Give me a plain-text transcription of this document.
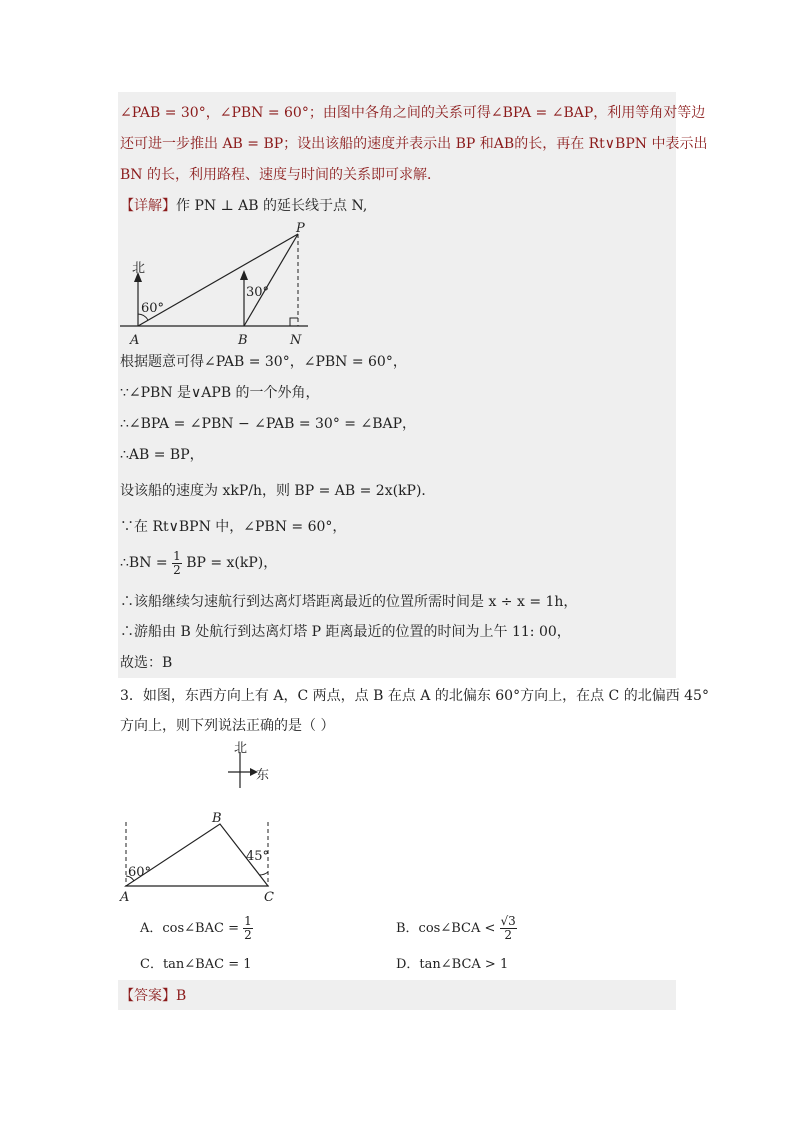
∠PAB = 30°，∠PBN = 60°；由图中各角之间的关系可得∠BPA = ∠BAP，利用等角对等边
还可进一步推出 AB = BP；设出该船的速度并表示出 BP 和AB的长，再在 Rt∨BPN 中表示出
BN 的长，利用路程、速度与时间的关系即可求解．
【详解】作 PN ⊥ AB 的延长线于点 N,
北
60°
30°
A	B	N
P
根据题意可得∠PAB = 30°，∠PBN = 60°，
∵∠PBN 是∨APB 的一个外角，
∴∠BPA = ∠PBN − ∠PAB = 30° = ∠BAP，
∴AB = BP，
设该船的速度为 xkP/h，则 BP = AB = 2x(kP)．
∵在 Rt∨BPN 中，∠PBN = 60°，
∴BN = $\frac{1}{2}$ BP = x(kP)，
∴该船继续匀速航行到达离灯塔距离最近的位置所需时间是 x ÷ x = 1h，
∴游船由 B 处航行到达离灯塔 P 距离最近的位置的时间为上午 11: 00，
故选：B
3．如图，东西方向上有 A，C 两点，点 B 在点 A 的北偏东 60°方向上，在点 C 的北偏西 45°
方向上，则下列说法正确的是（ ）
北
东
A
B
C
60°
45°
A．cos∠BAC = $\frac{1}{2}$	B．cos∠BCA < $\frac{√3}{2}$
C．tan∠BAC = 1	D．tan∠BCA > 1
【答案】B
